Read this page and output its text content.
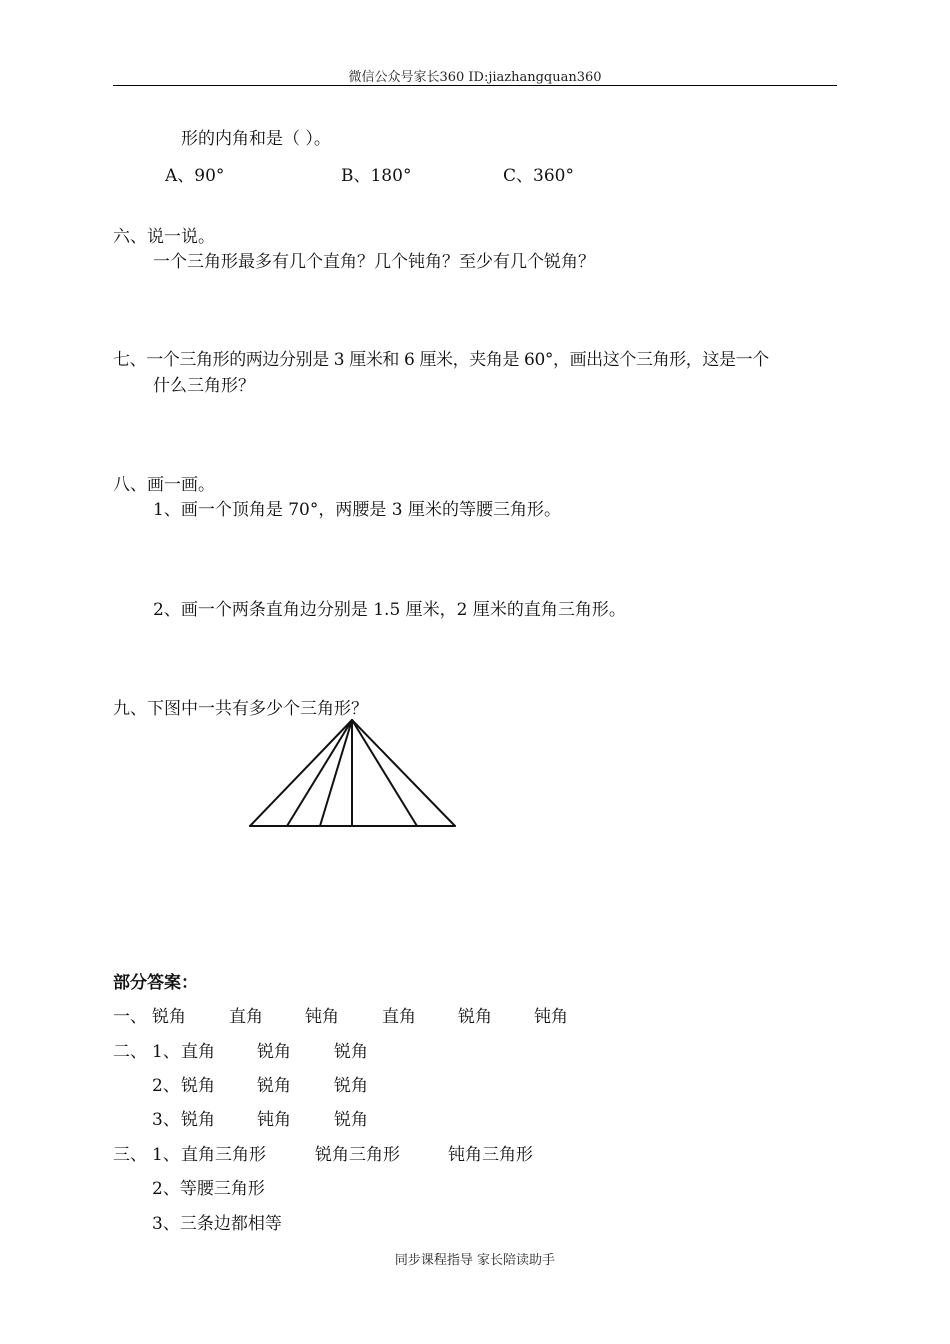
微信公众号家长360 ID:jiazhangquan360
形的内角和是（ ）。
A、90°	B、180°	C、360°
六、说一说。
一个三角形最多有几个直角？几个钝角？至少有几个锐角？
七、一个三角形的两边分别是 3 厘米和 6 厘米，夹角是 60°，画出这个三角形，这是一个
什么三角形？
八、画一画。
1、画一个顶角是 70°，两腰是 3 厘米的等腰三角形。
2、画一个两条直角边分别是 1.5 厘米，2 厘米的直角三角形。
九、下图中一共有多少个三角形？
部分答案：
一、 锐角	直角 钝角	直角 锐角 钝角
二、 1、 直角 锐角	锐角
2、 锐角 锐角	锐角
3、 锐角 钝角	锐角
三、 1、 直角三角形	锐角三角形	钝角三角形
2、等腰三角形
3、三条边都相等
同步课程指导 家长陪读助手
